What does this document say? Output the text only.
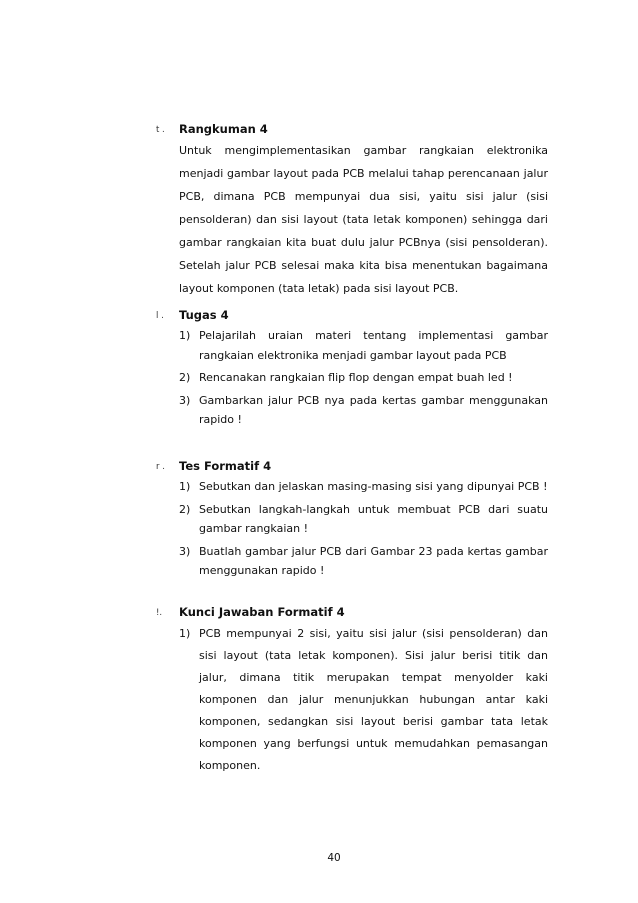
t . Rangkuman 4
Untuk mengimplementasikan gambar rangkaian elektronika menjadi gambar layout pada PCB melalui tahap perencanaan jalur PCB, dimana PCB mempunyai dua sisi, yaitu sisi jalur (sisi pensolderan) dan sisi layout (tata letak komponen) sehingga dari gambar rangkaian kita buat dulu jalur PCBnya (sisi pensolderan). Setelah jalur PCB selesai maka kita bisa menentukan bagaimana layout komponen (tata letak) pada sisi layout PCB.
l . Tugas 4
1) Pelajarilah uraian materi tentang implementasi gambar rangkaian elektronika menjadi gambar layout pada PCB
2) Rencanakan rangkaian flip flop dengan empat buah led !
3) Gambarkan jalur PCB nya pada kertas gambar menggunakan rapido !
r . Tes Formatif 4
1) Sebutkan dan jelaskan masing-masing sisi yang dipunyai PCB !
2) Sebutkan langkah-langkah untuk membuat PCB dari suatu gambar rangkaian !
3) Buatlah gambar jalur PCB dari Gambar 23 pada kertas gambar menggunakan rapido !
!. Kunci Jawaban Formatif 4
1) PCB mempunyai 2 sisi, yaitu sisi jalur (sisi pensolderan) dan sisi layout (tata letak komponen). Sisi jalur berisi titik dan jalur, dimana titik merupakan tempat menyolder kaki komponen dan jalur menunjukkan hubungan antar kaki komponen, sedangkan sisi layout berisi gambar tata letak komponen yang berfungsi untuk memudahkan pemasangan komponen.
40
